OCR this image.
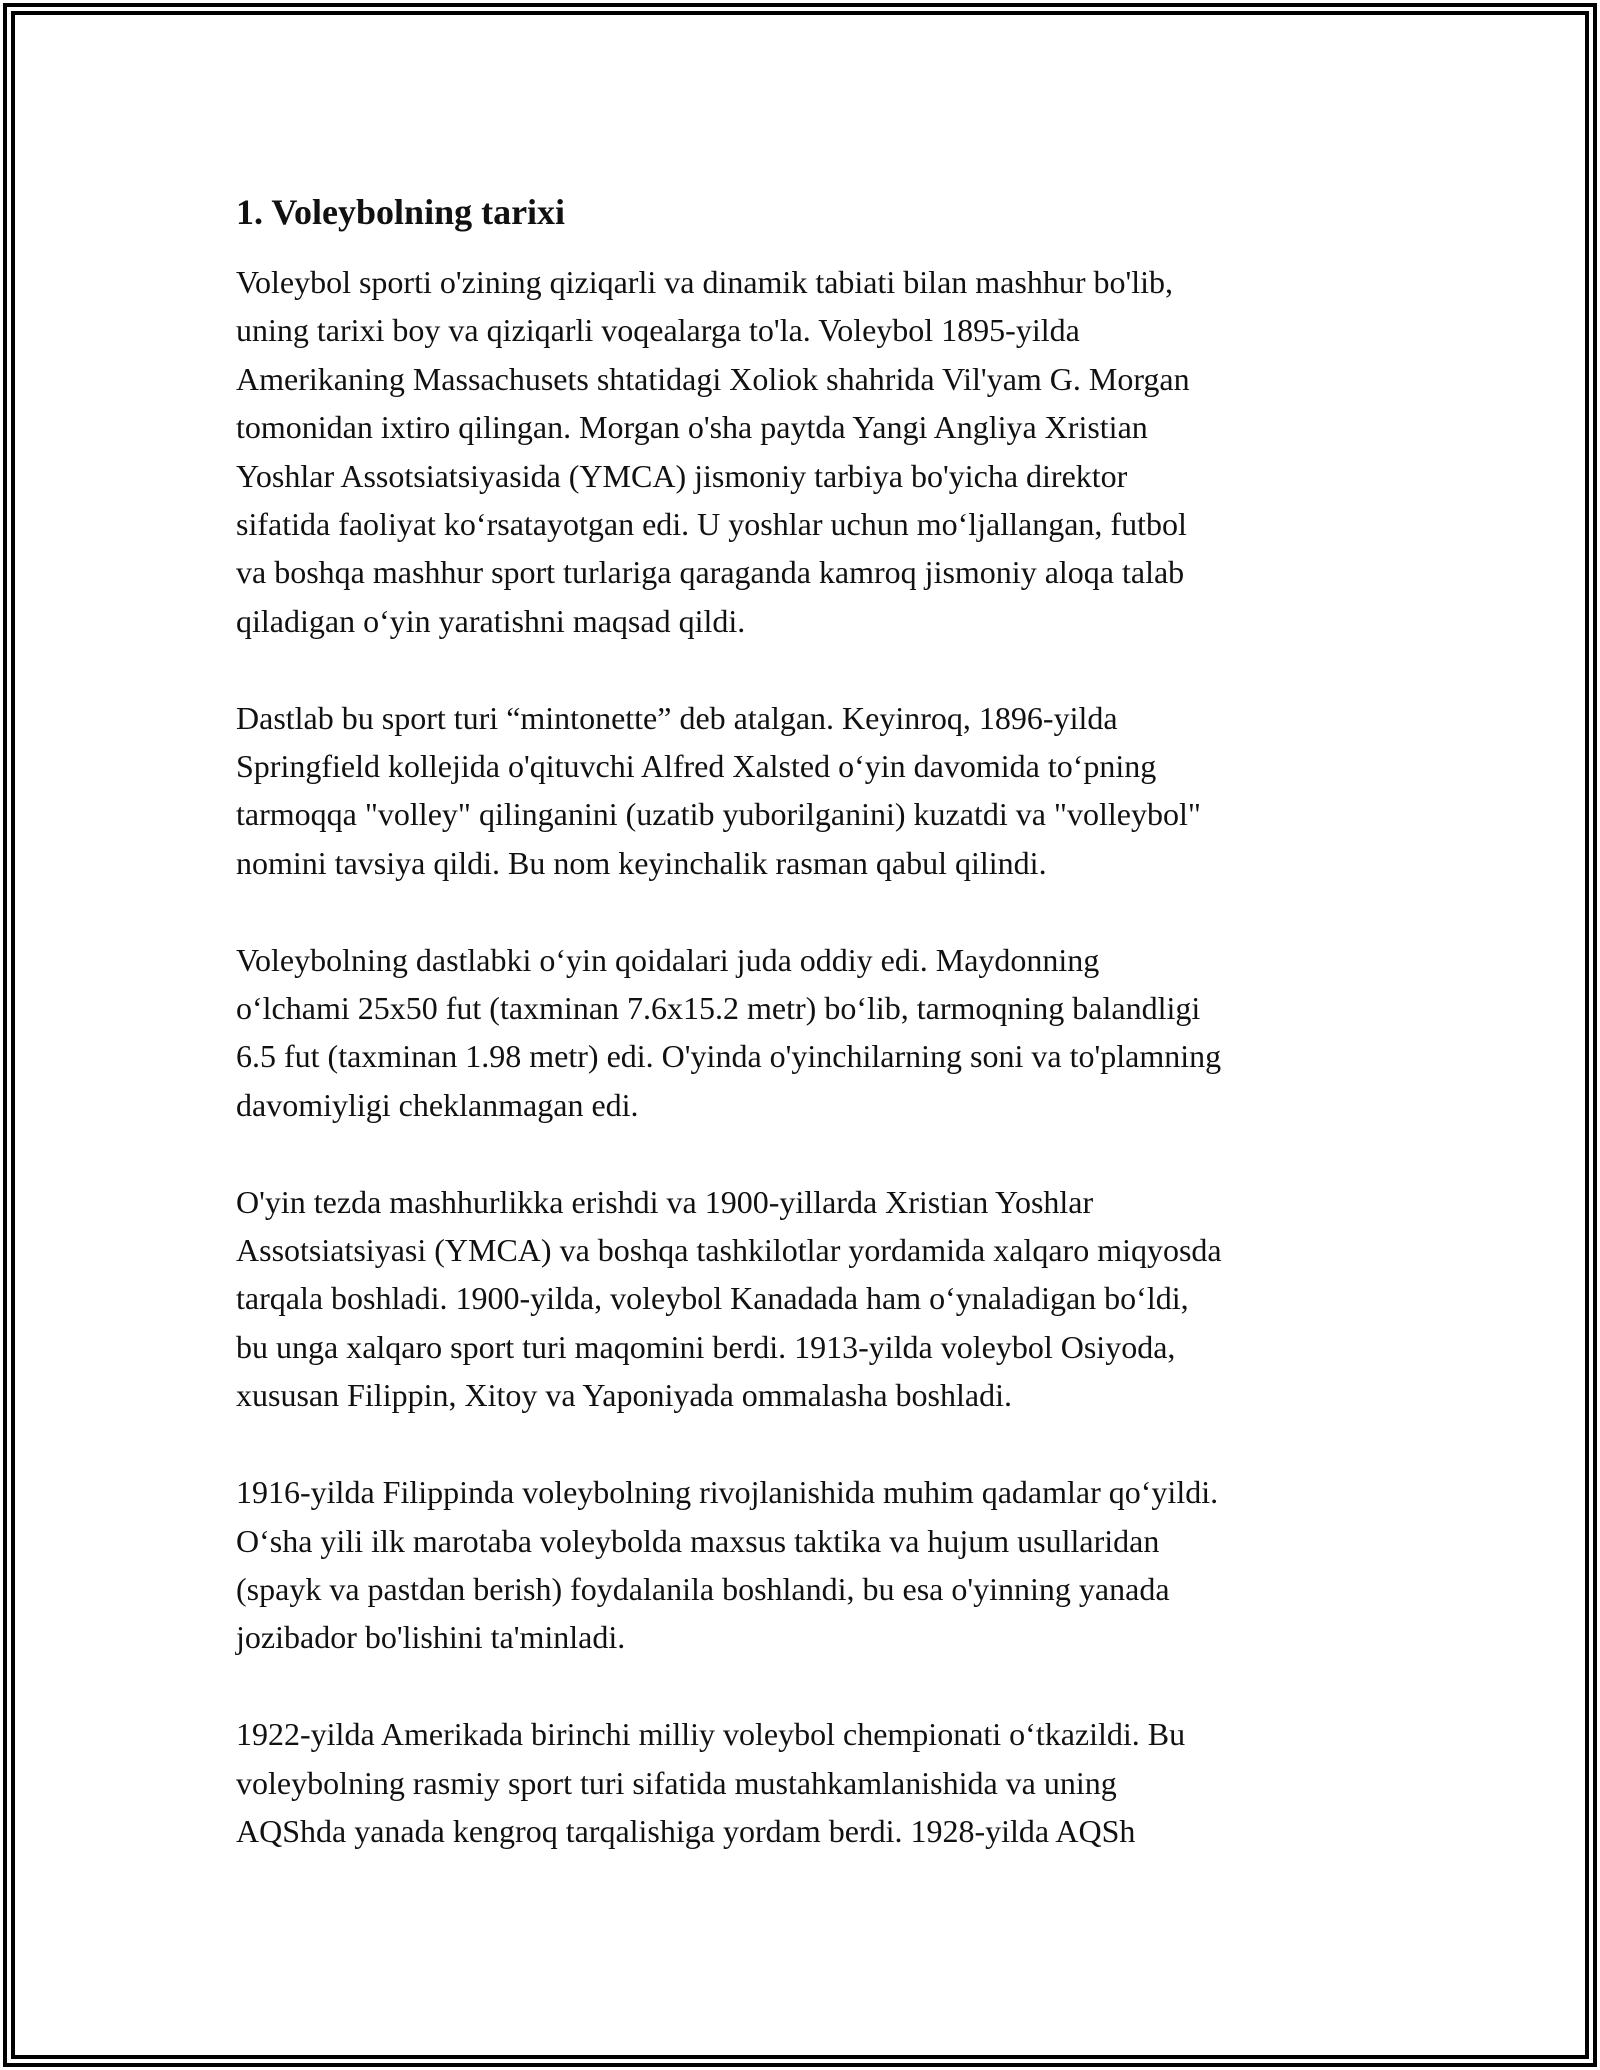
1. Voleybolning tarixi

Voleybol sporti o'zining qiziqarli va dinamik tabiati bilan mashhur bo'lib,
uning tarixi boy va qiziqarli voqealarga to'la. Voleybol 1895-yilda
Amerikaning Massachusets shtatidagi Xoliok shahrida Vil'yam G. Morgan
tomonidan ixtiro qilingan. Morgan o'sha paytda Yangi Angliya Xristian
Yoshlar Assotsiatsiyasida (YMCA) jismoniy tarbiya bo'yicha direktor
sifatida faoliyat ko‘rsatayotgan edi. U yoshlar uchun mo‘ljallangan, futbol
va boshqa mashhur sport turlariga qaraganda kamroq jismoniy aloqa talab
qiladigan o‘yin yaratishni maqsad qildi.

Dastlab bu sport turi “mintonette” deb atalgan. Keyinroq, 1896-yilda
Springfield kollejida o'qituvchi Alfred Xalsted o‘yin davomida to‘pning
tarmoqqa "volley" qilinganini (uzatib yuborilganini) kuzatdi va "volleybol"
nomini tavsiya qildi. Bu nom keyinchalik rasman qabul qilindi.

Voleybolning dastlabki o‘yin qoidalari juda oddiy edi. Maydonning
o‘lchami 25x50 fut (taxminan 7.6x15.2 metr) bo‘lib, tarmoqning balandligi
6.5 fut (taxminan 1.98 metr) edi. O'yinda o'yinchilarning soni va to'plamning
davomiyligi cheklanmagan edi.

O'yin tezda mashhurlikka erishdi va 1900-yillarda Xristian Yoshlar
Assotsiatsiyasi (YMCA) va boshqa tashkilotlar yordamida xalqaro miqyosda
tarqala boshladi. 1900-yilda, voleybol Kanadada ham o‘ynaladigan bo‘ldi,
bu unga xalqaro sport turi maqomini berdi. 1913-yilda voleybol Osiyoda,
xususan Filippin, Xitoy va Yaponiyada ommalasha boshladi.

1916-yilda Filippinda voleybolning rivojlanishida muhim qadamlar qo‘yildi.
O‘sha yili ilk marotaba voleybolda maxsus taktika va hujum usullaridan
(spayk va pastdan berish) foydalanila boshlandi, bu esa o'yinning yanada
jozibador bo'lishini ta'minladi.

1922-yilda Amerikada birinchi milliy voleybol chempionati o‘tkazildi. Bu
voleybolning rasmiy sport turi sifatida mustahkamlanishida va uning
AQShda yanada kengroq tarqalishiga yordam berdi. 1928-yilda AQSh
